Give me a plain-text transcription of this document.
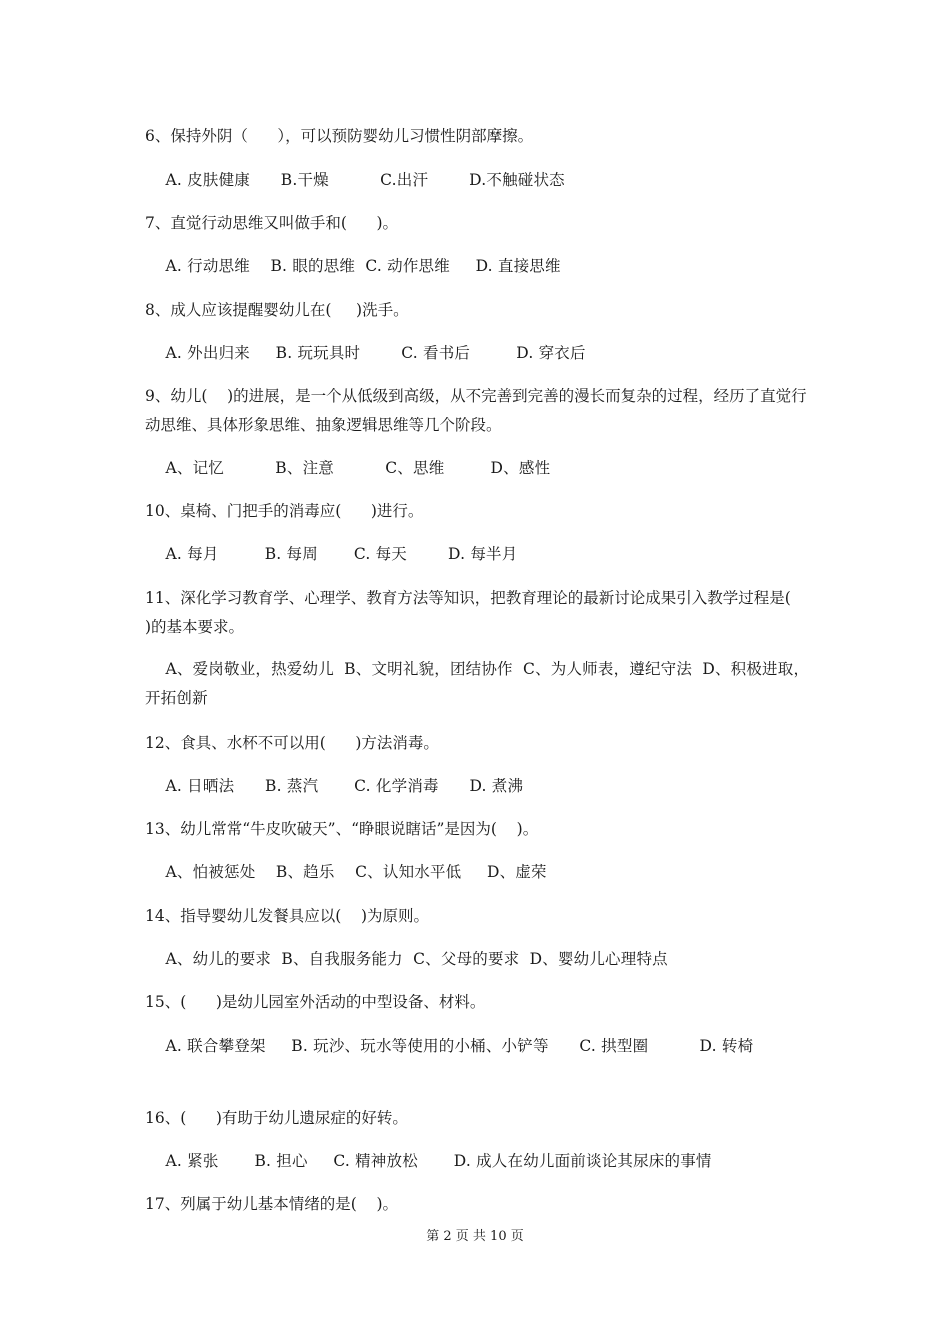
6、保持外阴（      ），可以预防婴幼儿习惯性阴部摩擦。
A. 皮肤健康      B.干燥          C.出汗        D.不触碰状态
7、直觉行动思维又叫做手和(      )。
A. 行动思维    B. 眼的思维  C. 动作思维     D. 直接思维
8、成人应该提醒婴幼儿在(     )洗手。
A. 外出归来     B. 玩玩具时        C. 看书后         D. 穿衣后
9、幼儿(    )的进展，是一个从低级到高级，从不完善到完善的漫长而复杂的过程，经历了直觉行动思维、具体形象思维、抽象逻辑思维等几个阶段。
A、记忆          B、注意          C、思维         D、感性
10、桌椅、门把手的消毒应(      )进行。
A. 每月         B. 每周       C. 每天        D. 每半月
11、深化学习教育学、心理学、教育方法等知识，把教育理论的最新讨论成果引入教学过程是(     )的基本要求。
A、爱岗敬业，热爱幼儿  B、文明礼貌，团结协作  C、为人师表，遵纪守法  D、积极进取，开拓创新
12、食具、水杯不可以用(      )方法消毒。
A. 日晒法      B. 蒸汽       C. 化学消毒      D. 煮沸
13、幼儿常常“牛皮吹破天”、“睁眼说瞎话”是因为(    )。
A、怕被惩处    B、趋乐    C、认知水平低     D、虚荣
14、指导婴幼儿发餐具应以(    )为原则。
A、幼儿的要求  B、自我服务能力  C、父母的要求  D、婴幼儿心理特点
15、(      )是幼儿园室外活动的中型设备、材料。
A. 联合攀登架     B. 玩沙、玩水等使用的小桶、小铲等      C. 拱型圈          D. 转椅
16、(      )有助于幼儿遗尿症的好转。
A. 紧张       B. 担心     C. 精神放松       D. 成人在幼儿面前谈论其尿床的事情
17、列属于幼儿基本情绪的是(    )。
第 2 页 共 10 页
